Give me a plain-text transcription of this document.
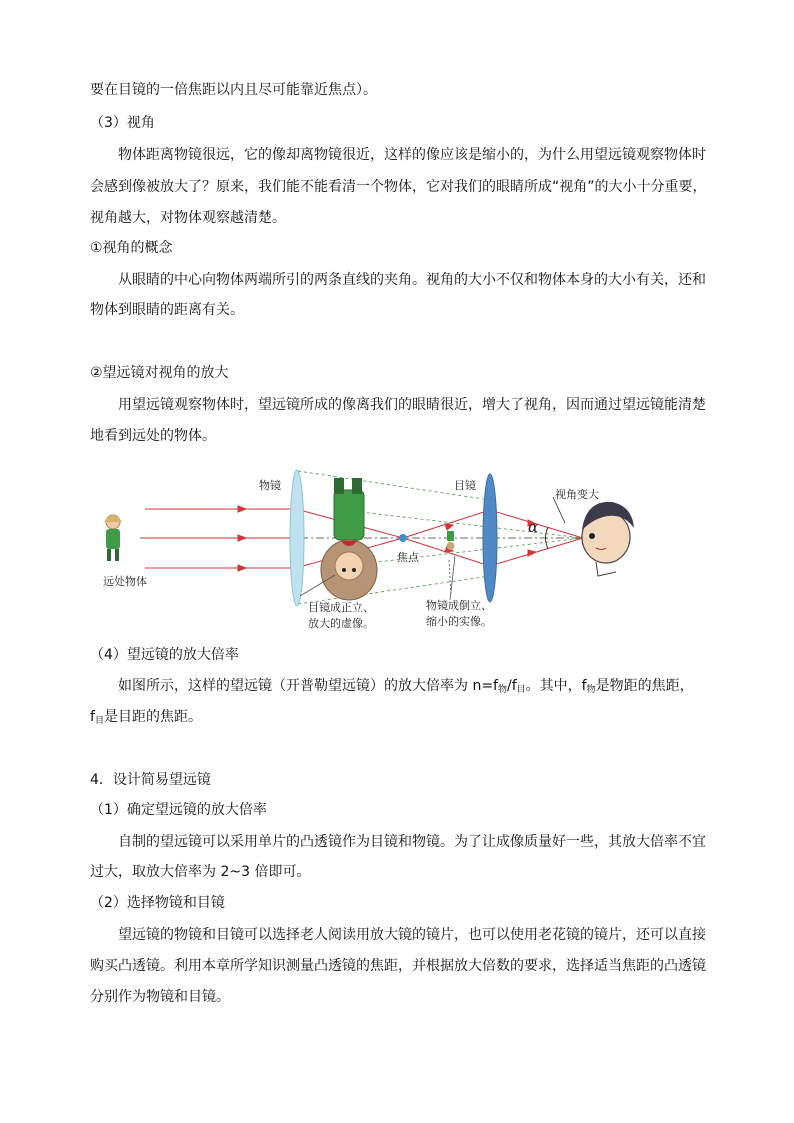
要在目镜的一倍焦距以内且尽可能靠近焦点）。

（3）视角

物体距离物镜很远，它的像却离物镜很近，这样的像应该是缩小的，为什么用望远镜观察物体时

会感到像被放大了？原来，我们能不能看清一个物体，它对我们的眼睛所成“视角”的大小十分重要，

视角越大，对物体观察越清楚。

①视角的概念

从眼睛的中心向物体两端所引的两条直线的夹角。视角的大小不仅和物体本身的大小有关，还和

物体到眼睛的距离有关。

②望远镜对视角的放大

用望远镜观察物体时，望远镜所成的像离我们的眼睛很近，增大了视角，因而通过望远镜能清楚

地看到远处的物体。

物镜	目镜
视角变大
α
焦点
远处物体
目镜成正立、
放大的虚像。
物镜成倒立、
缩小的实像。

（4）望远镜的放大倍率

如图所示，这样的望远镜（开普勒望远镜）的放大倍率为 $n=f_物/f_目$。其中，$f_物$是物距的焦距，

$f_目$是目距的焦距。

4．设计简易望远镜

（1）确定望远镜的放大倍率

自制的望远镜可以采用单片的凸透镜作为目镜和物镜。为了让成像质量好一些，其放大倍率不宜

过大，取放大倍率为 2~3 倍即可。

（2）选择物镜和目镜

望远镜的物镜和目镜可以选择老人阅读用放大镜的镜片，也可以使用老花镜的镜片，还可以直接

购买凸透镜。利用本章所学知识测量凸透镜的焦距，并根据放大倍数的要求，选择适当焦距的凸透镜

分别作为物镜和目镜。
